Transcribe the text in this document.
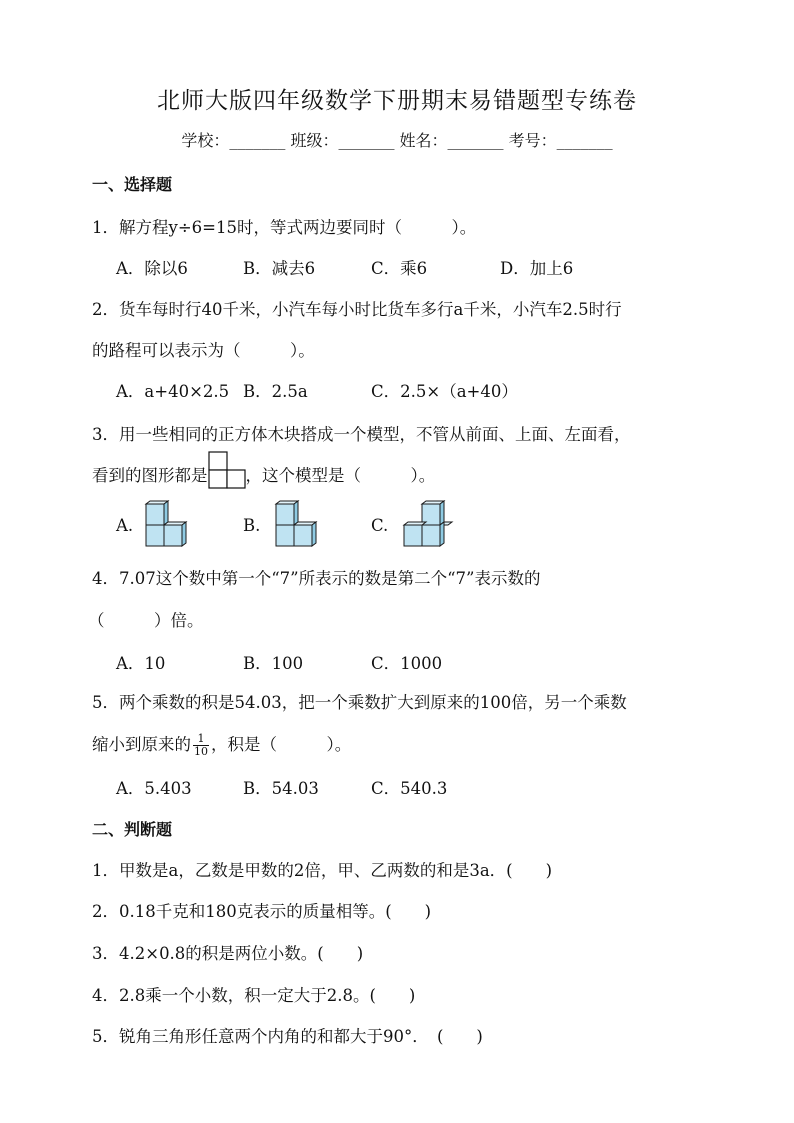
北师大版四年级数学下册期末易错题型专练卷
学校：_______ 班级：_______ 姓名：_______ 考号：_______
一、选择题
1．解方程y÷6=15时，等式两边要同时（　　　）。
A．除以6	B．减去6	C．乘6	D．加上6
2．货车每时行40千米，小汽车每小时比货车多行a千米，小汽车2.5时行
的路程可以表示为（　　　）。
A．a+40×2.5 B．2.5a	C．2.5×（a+40）
3．用一些相同的正方体木块搭成一个模型，不管从前面、上面、左面看，
看到的图形都是 ，这个模型是（　　　）。
A.	B.	C.
4．7.07这个数中第一个“7”所表示的数是第二个“7”表示数的
（　　　）倍。
A．10	B．100	C．1000
5．两个乘数的积是54.03，把一个乘数扩大到原来的100倍，另一个乘数
缩小到原来的 $\frac{1}{10}$ ，积是（　　　）。
A．5.403	B．54.03	C．540.3
二、判断题
1．甲数是a，乙数是甲数的2倍，甲、乙两数的和是3a．(　　)
2．0.18千克和180克表示的质量相等。(　　)
3．4.2×0.8的积是两位小数。(　　)
4．2.8乘一个小数，积一定大于2.8。(　　)
5．锐角三角形任意两个内角的和都大于90°．　(　　)
